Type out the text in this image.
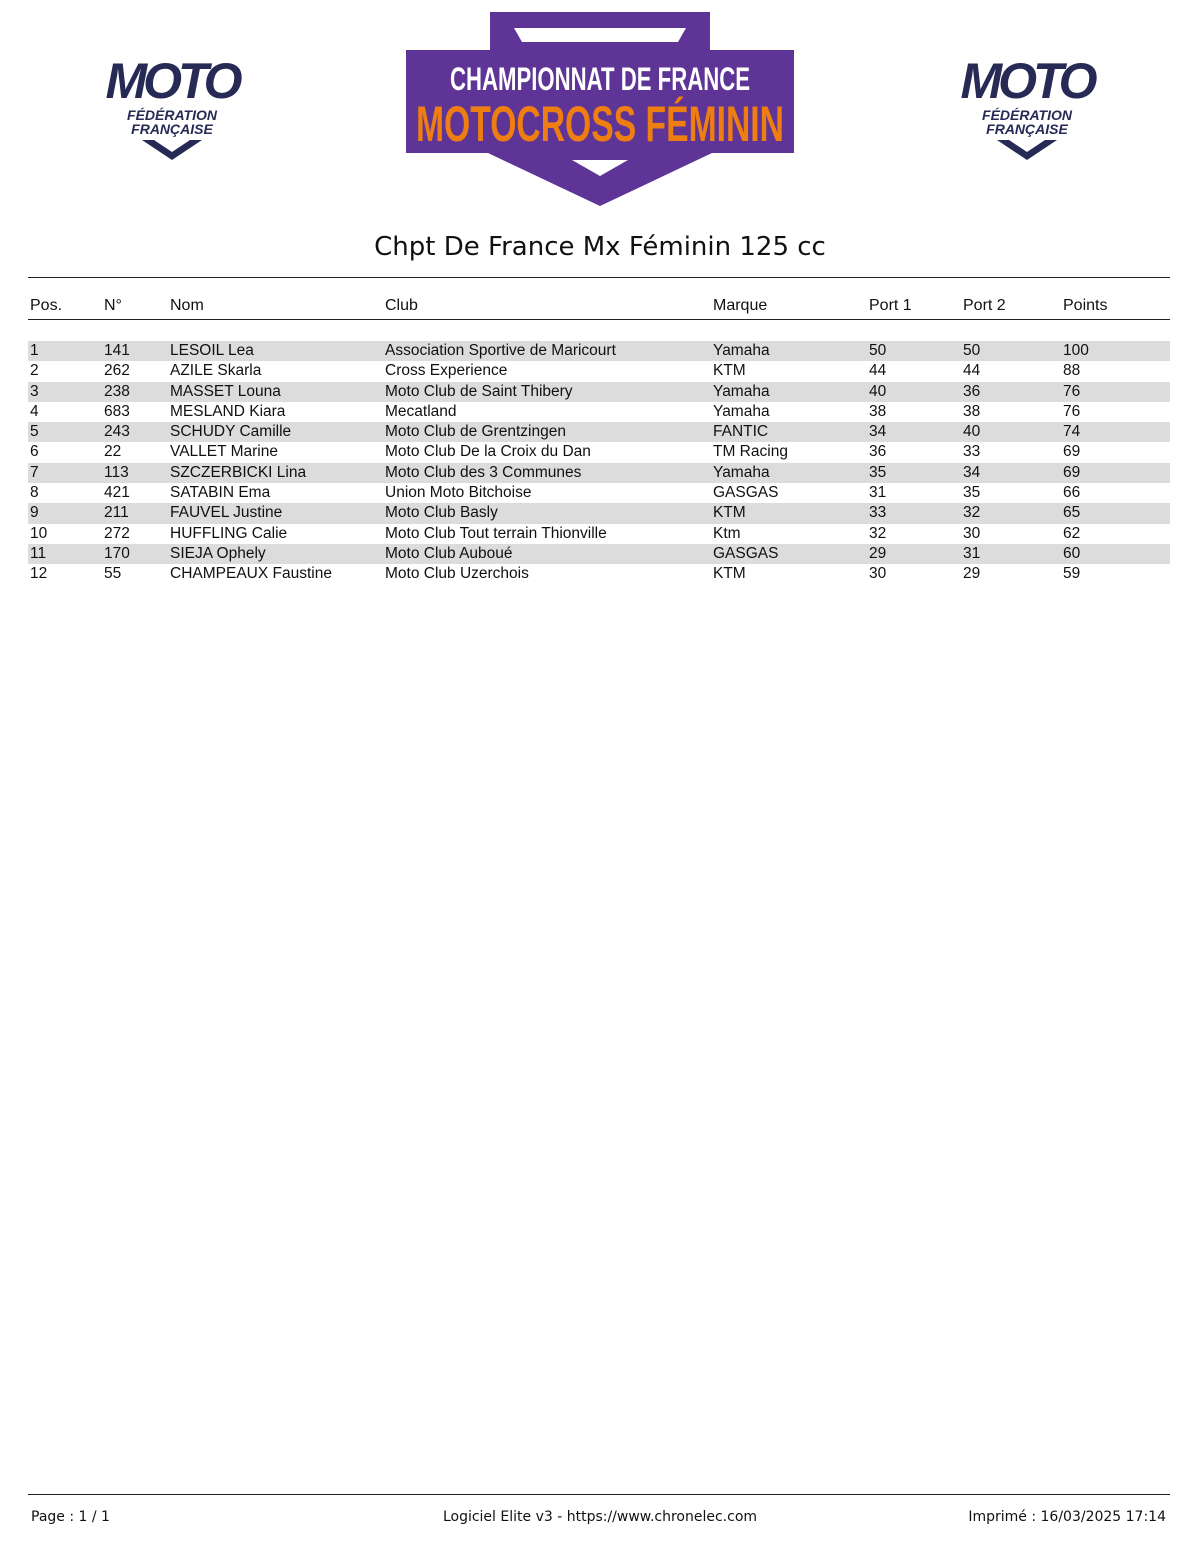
MOTO
FÉDÉRATION
FRANÇAISE
CHAMPIONNAT DE FRANCE
MOTOCROSS FÉMININ
MOTO
FÉDÉRATION
FRANÇAISE
Chpt De France Mx Féminin 125 cc
Pos.	N°	Nom	Club	Marque	Port 1	Port 2	Points
1	141	LESOIL Lea	Association Sportive de Maricourt	Yamaha	50	50	100
2	262	AZILE Skarla	Cross Experience	KTM	44	44	88
3	238	MASSET Louna	Moto Club de Saint Thibery	Yamaha	40	36	76
4	683	MESLAND Kiara	Mecatland	Yamaha	38	38	76
5	243	SCHUDY Camille	Moto Club de Grentzingen	FANTIC	34	40	74
6	22	VALLET Marine	Moto Club De la Croix du Dan	TM Racing	36	33	69
7	113	SZCZERBICKI Lina	Moto Club des 3 Communes	Yamaha	35	34	69
8	421	SATABIN Ema	Union Moto Bitchoise	GASGAS	31	35	66
9	211	FAUVEL Justine	Moto Club Basly	KTM	33	32	65
10	272	HUFFLING Calie	Moto Club Tout terrain Thionville	Ktm	32	30	62
11	170	SIEJA Ophely	Moto Club Auboué	GASGAS	29	31	60
12	55	CHAMPEAUX Faustine	Moto Club Uzerchois	KTM	30	29	59
Page : 1 / 1	Logiciel Elite v3 - https://www.chronelec.com	Imprimé : 16/03/2025 17:14
